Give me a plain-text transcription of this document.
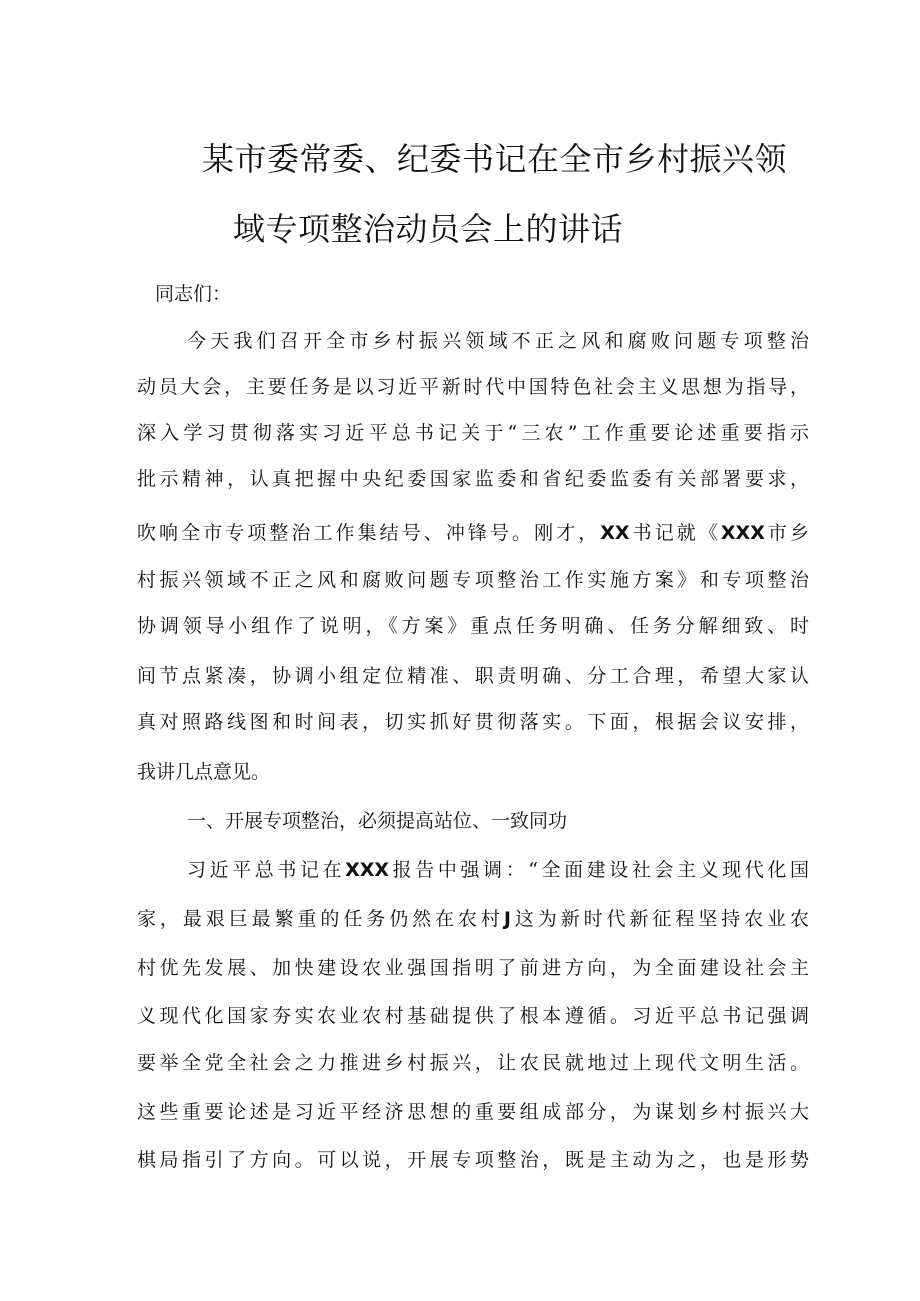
某市委常委、纪委书记在全市乡村振兴领
域专项整治动员会上的讲话
同志们：
今天我们召开全市乡村振兴领域不正之风和腐败问题专项整治
动员大会，主要任务是以习近平新时代中国特色社会主义思想为指导，
深入学习贯彻落实习近平总书记关于“三农”工作重要论述重要指示
批示精神，认真把握中央纪委国家监委和省纪委监委有关部署要求，
吹响全市专项整治工作集结号、冲锋号。刚才，XX书记就《XXX市乡
村振兴领域不正之风和腐败问题专项整治工作实施方案》和专项整治
协调领导小组作了说明，《方案》重点任务明确、任务分解细致、时
间节点紧凑，协调小组定位精准、职责明确、分工合理，希望大家认
真对照路线图和时间表，切实抓好贯彻落实。下面，根据会议安排，
我讲几点意见。
一、开展专项整治，必须提高站位、一致同功
习近平总书记在XXX报告中强调：“全面建设社会主义现代化国
家，最艰巨最繁重的任务仍然在农村J这为新时代新征程坚持农业农
村优先发展、加快建设农业强国指明了前进方向，为全面建设社会主
义现代化国家夯实农业农村基础提供了根本遵循。习近平总书记强调
要举全党全社会之力推进乡村振兴，让农民就地过上现代文明生活。
这些重要论述是习近平经济思想的重要组成部分，为谋划乡村振兴大
棋局指引了方向。可以说，开展专项整治，既是主动为之，也是形势
